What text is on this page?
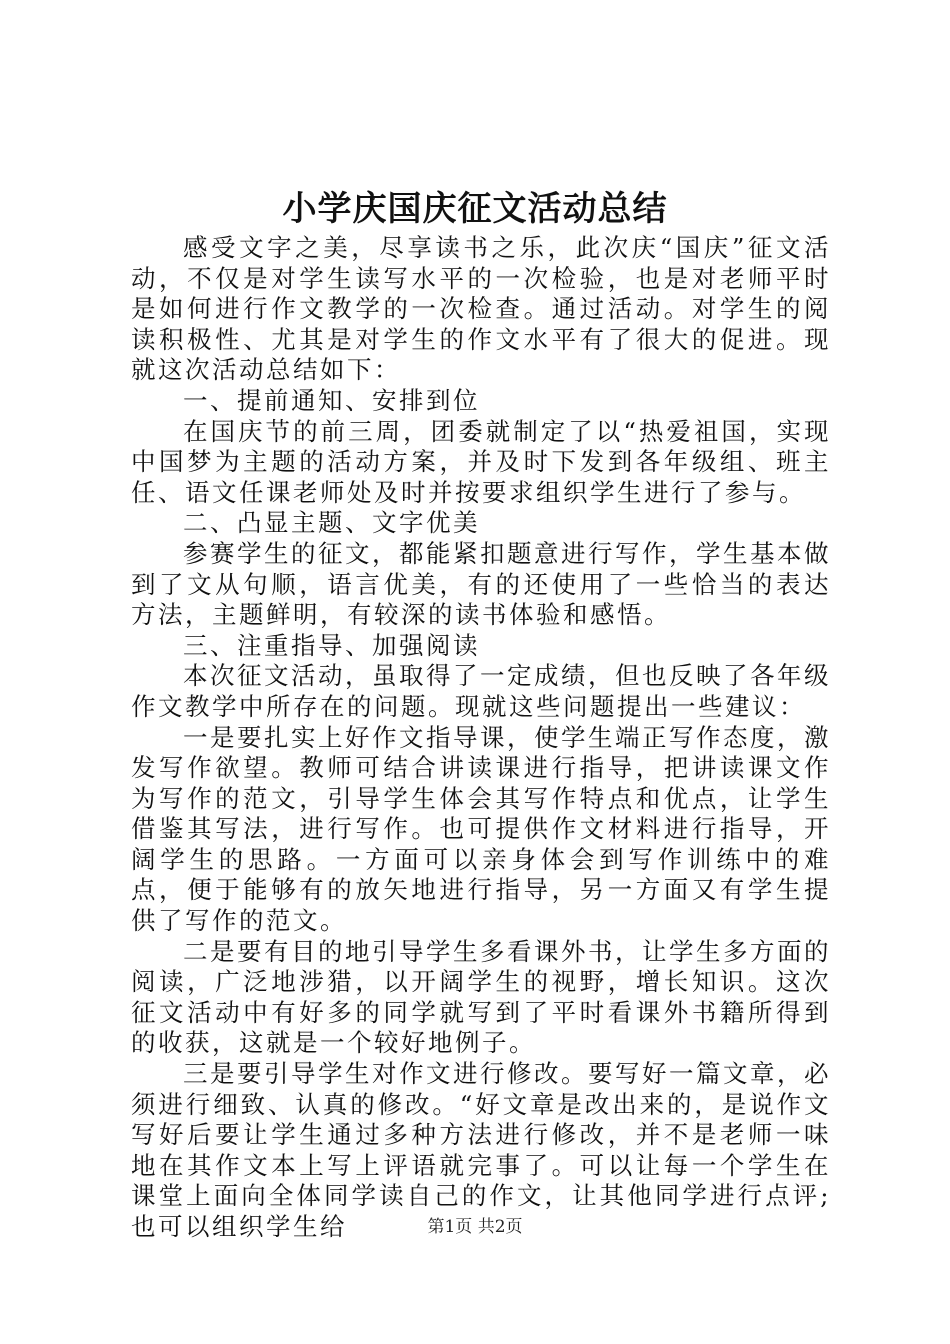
小学庆国庆征文活动总结

感受文字之美，尽享读书之乐，此次庆“国庆”征文活动，不仅是对学生读写水平的一次检验，也是对老师平时是如何进行作文教学的一次检查。通过活动。对学生的阅读积极性、尤其是对学生的作文水平有了很大的促进。现就这次活动总结如下：

一、提前通知、安排到位

在国庆节的前三周，团委就制定了以“热爱祖国，实现中国梦为主题的活动方案，并及时下发到各年级组、班主任、语文任课老师处及时并按要求组织学生进行了参与。

二、凸显主题、文字优美

参赛学生的征文，都能紧扣题意进行写作，学生基本做到了文从句顺，语言优美，有的还使用了一些恰当的表达方法，主题鲜明，有较深的读书体验和感悟。

三、注重指导、加强阅读

本次征文活动，虽取得了一定成绩，但也反映了各年级作文教学中所存在的问题。现就这些问题提出一些建议：

一是要扎实上好作文指导课，使学生端正写作态度，激发写作欲望。教师可结合讲读课进行指导，把讲读课文作为写作的范文，引导学生体会其写作特点和优点，让学生借鉴其写法，进行写作。也可提供作文材料进行指导，开阔学生的思路。一方面可以亲身体会到写作训练中的难点，便于能够有的放矢地进行指导，另一方面又有学生提供了写作的范文。

二是要有目的地引导学生多看课外书，让学生多方面的阅读，广泛地涉猎，以开阔学生的视野，增长知识。这次征文活动中有好多的同学就写到了平时看课外书籍所得到的收获，这就是一个较好地例子。

三是要引导学生对作文进行修改。要写好一篇文章，必须进行细致、认真的修改。“好文章是改出来的，是说作文写好后要让学生通过多种方法进行修改，并不是老师一味地在其作文本上写上评语就完事了。可以让每一个学生在课堂上面向全体同学读自己的作文，让其他同学进行点评;也可以组织学生给	第1页 共2页
